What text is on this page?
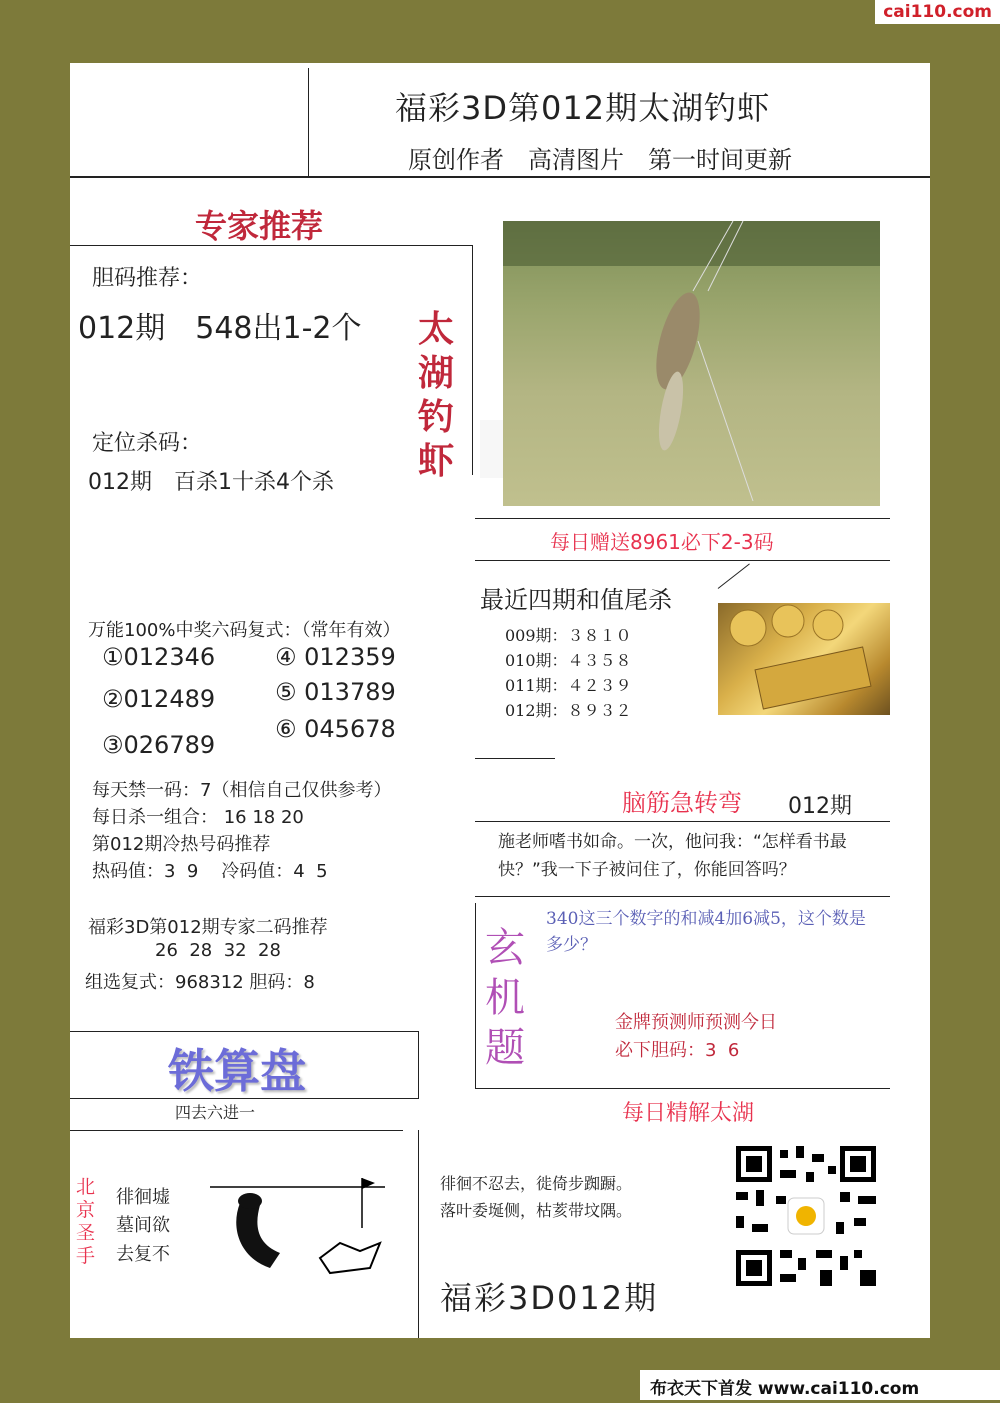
cai110.com

福彩3D第012期太湖钓虾
原创作者　高清图片　第一时间更新
专家推荐
胆码推荐：
012期　548出1-2个 太湖钓虾
定位杀码：
012期　百杀1十杀4个杀
每日赠送8961必下2-3码
最近四期和值尾杀
009期：３８１０
010期：４３５８
011期：４２３９
012期：８９３２
万能100%中奖六码复式：（常年有效）
①012346
②012489
③026789
④ 012359
⑤ 013789
⑥ 045678
每天禁一码：7（相信自己仅供参考）
每日杀一组合： 16 18 20
第012期冷热号码推荐
热码值：3  9    冷码值：4  5
福彩3D第012期专家二码推荐
26  28  32  28
组选复式：968312 胆码：8
脑筋急转弯 012期
施老师嗜书如命。一次，他问我：“怎样看书最快？”我一下子被问住了，你能回答吗？
玄机题
340这三个数字的和减4加6减5，这个数是多少？
金牌预测师预测今日
必下胆码：3  6
每日精解太湖
铁算盘
四去六进一
北京圣手
徘徊墟
墓间欲
去复不
徘徊不忍去，徙倚步踟蹰。
落叶委埏侧，枯荄带坟隅。
福彩3D012期
布衣天下首发 www.cai110.com
